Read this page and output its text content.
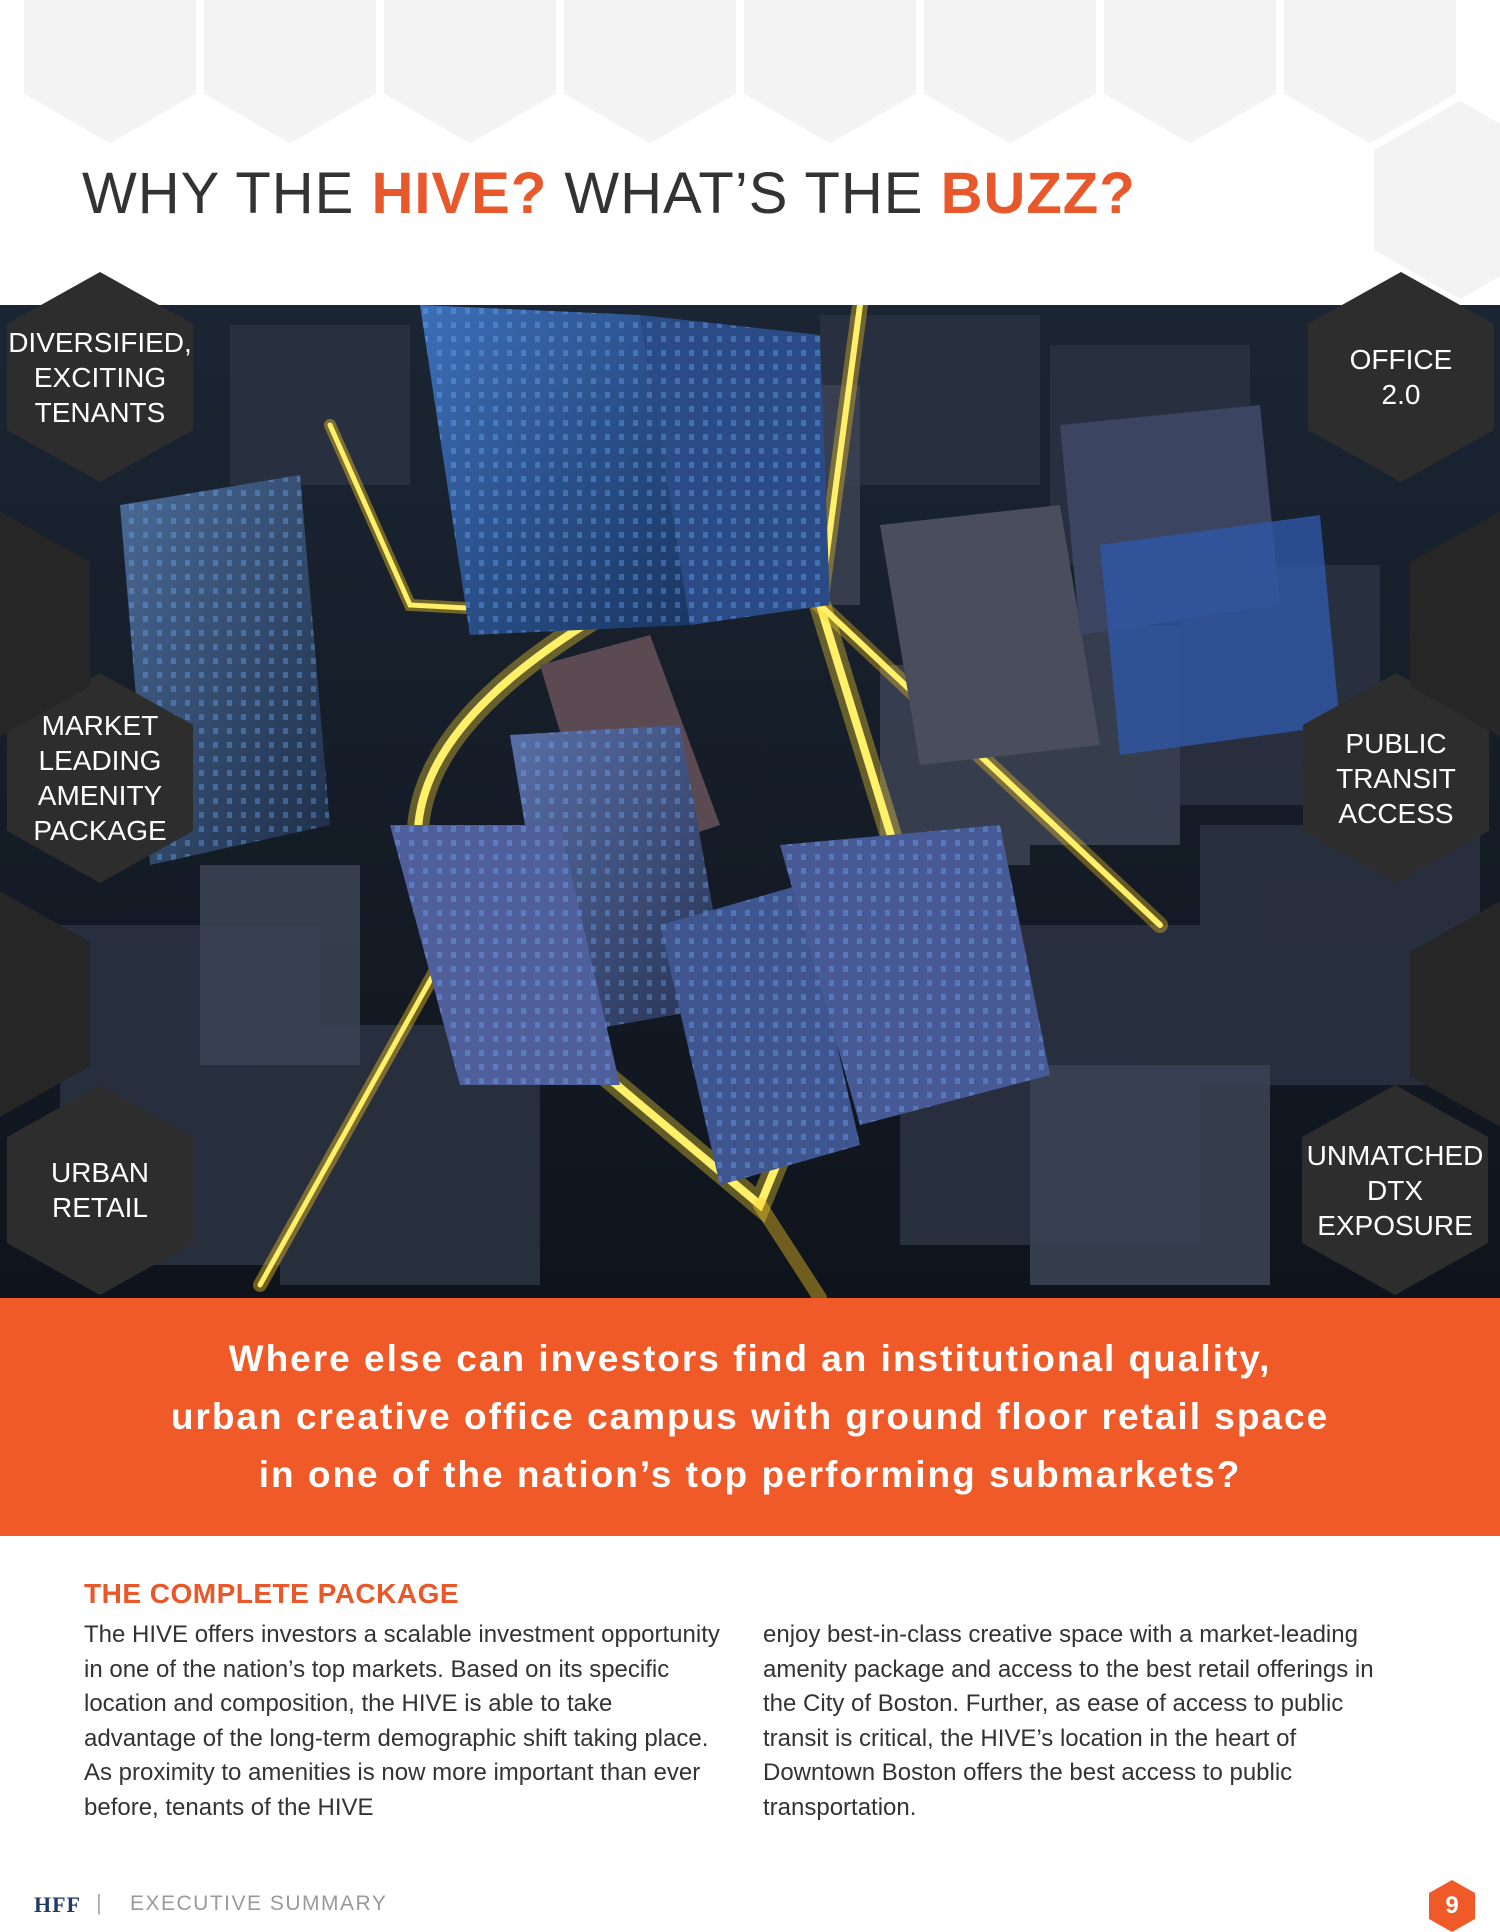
WHY THE HIVE? WHAT’S THE BUZZ?
DIVERSIFIED,
EXCITING
TENANTS
MARKET
LEADING
AMENITY
PACKAGE
URBAN
RETAIL
OFFICE
2.0
PUBLIC
TRANSIT
ACCESS
UNMATCHED
DTX
EXPOSURE

Where else can investors find an institutional quality,
urban creative office campus with ground floor retail space
in one of the nation’s top performing submarkets?

THE COMPLETE PACKAGE

The HIVE offers investors a scalable investment opportunity in one of the nation’s top markets. Based on its specific location and composition, the HIVE is able to take advantage of the long-term demographic shift taking place. As proximity to amenities is now more important than ever before, tenants of the HIVE

enjoy best-in-class creative space with a market-leading amenity package and access to the best retail offerings in the City of Boston. Further, as ease of access to public transit is critical, the HIVE’s location in the heart of Downtown Boston offers the best access to public transportation.

HFF | EXECUTIVE SUMMARY	9
